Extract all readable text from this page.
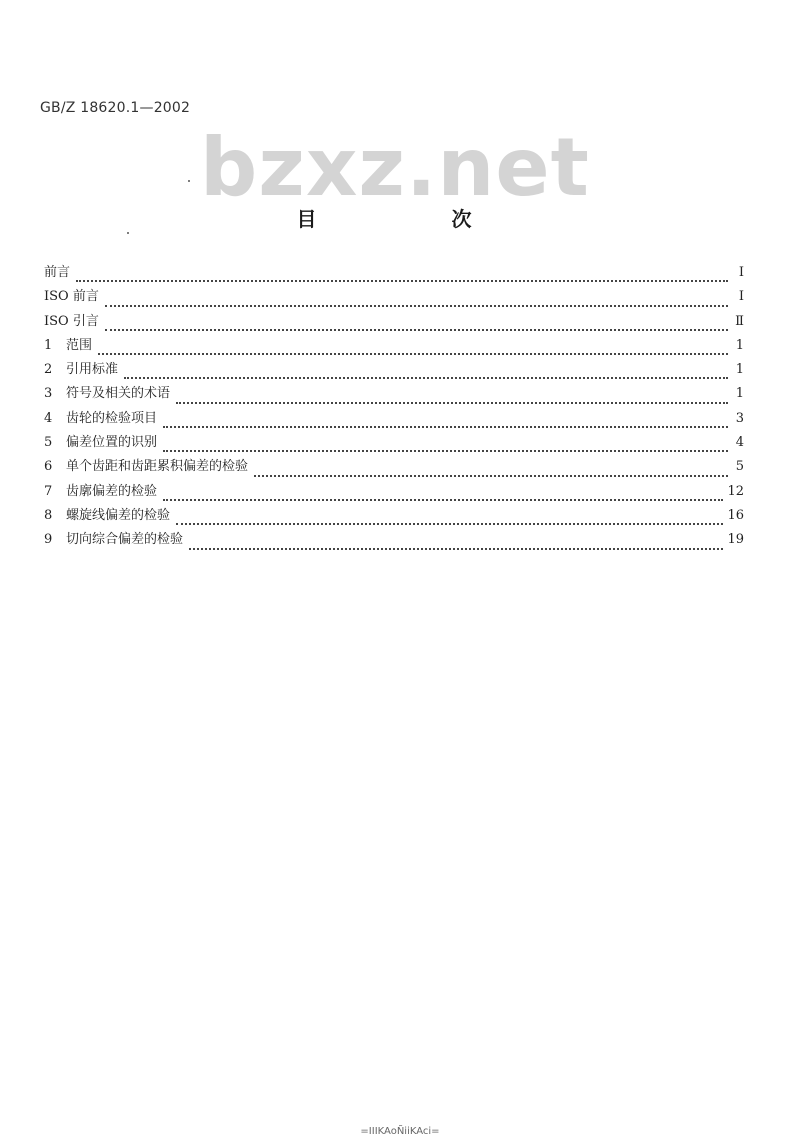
GB/Z 18620.1—2002
bzxz.net
目 次
前言	I
ISO 前言	Ⅰ
ISO 引言	Ⅱ
1	范围	1
2	引用标准	1
3	符号及相关的术语	1
4	齿轮的检验项目	3
5	偏差位置的识别	4
6	单个齿距和齿距累积偏差的检验	5
7	齿廓偏差的检验	12
8	螺旋线偏差的检验	16
9	切向综合偏差的检验	19
=IIIKAoÑiiKAci=
